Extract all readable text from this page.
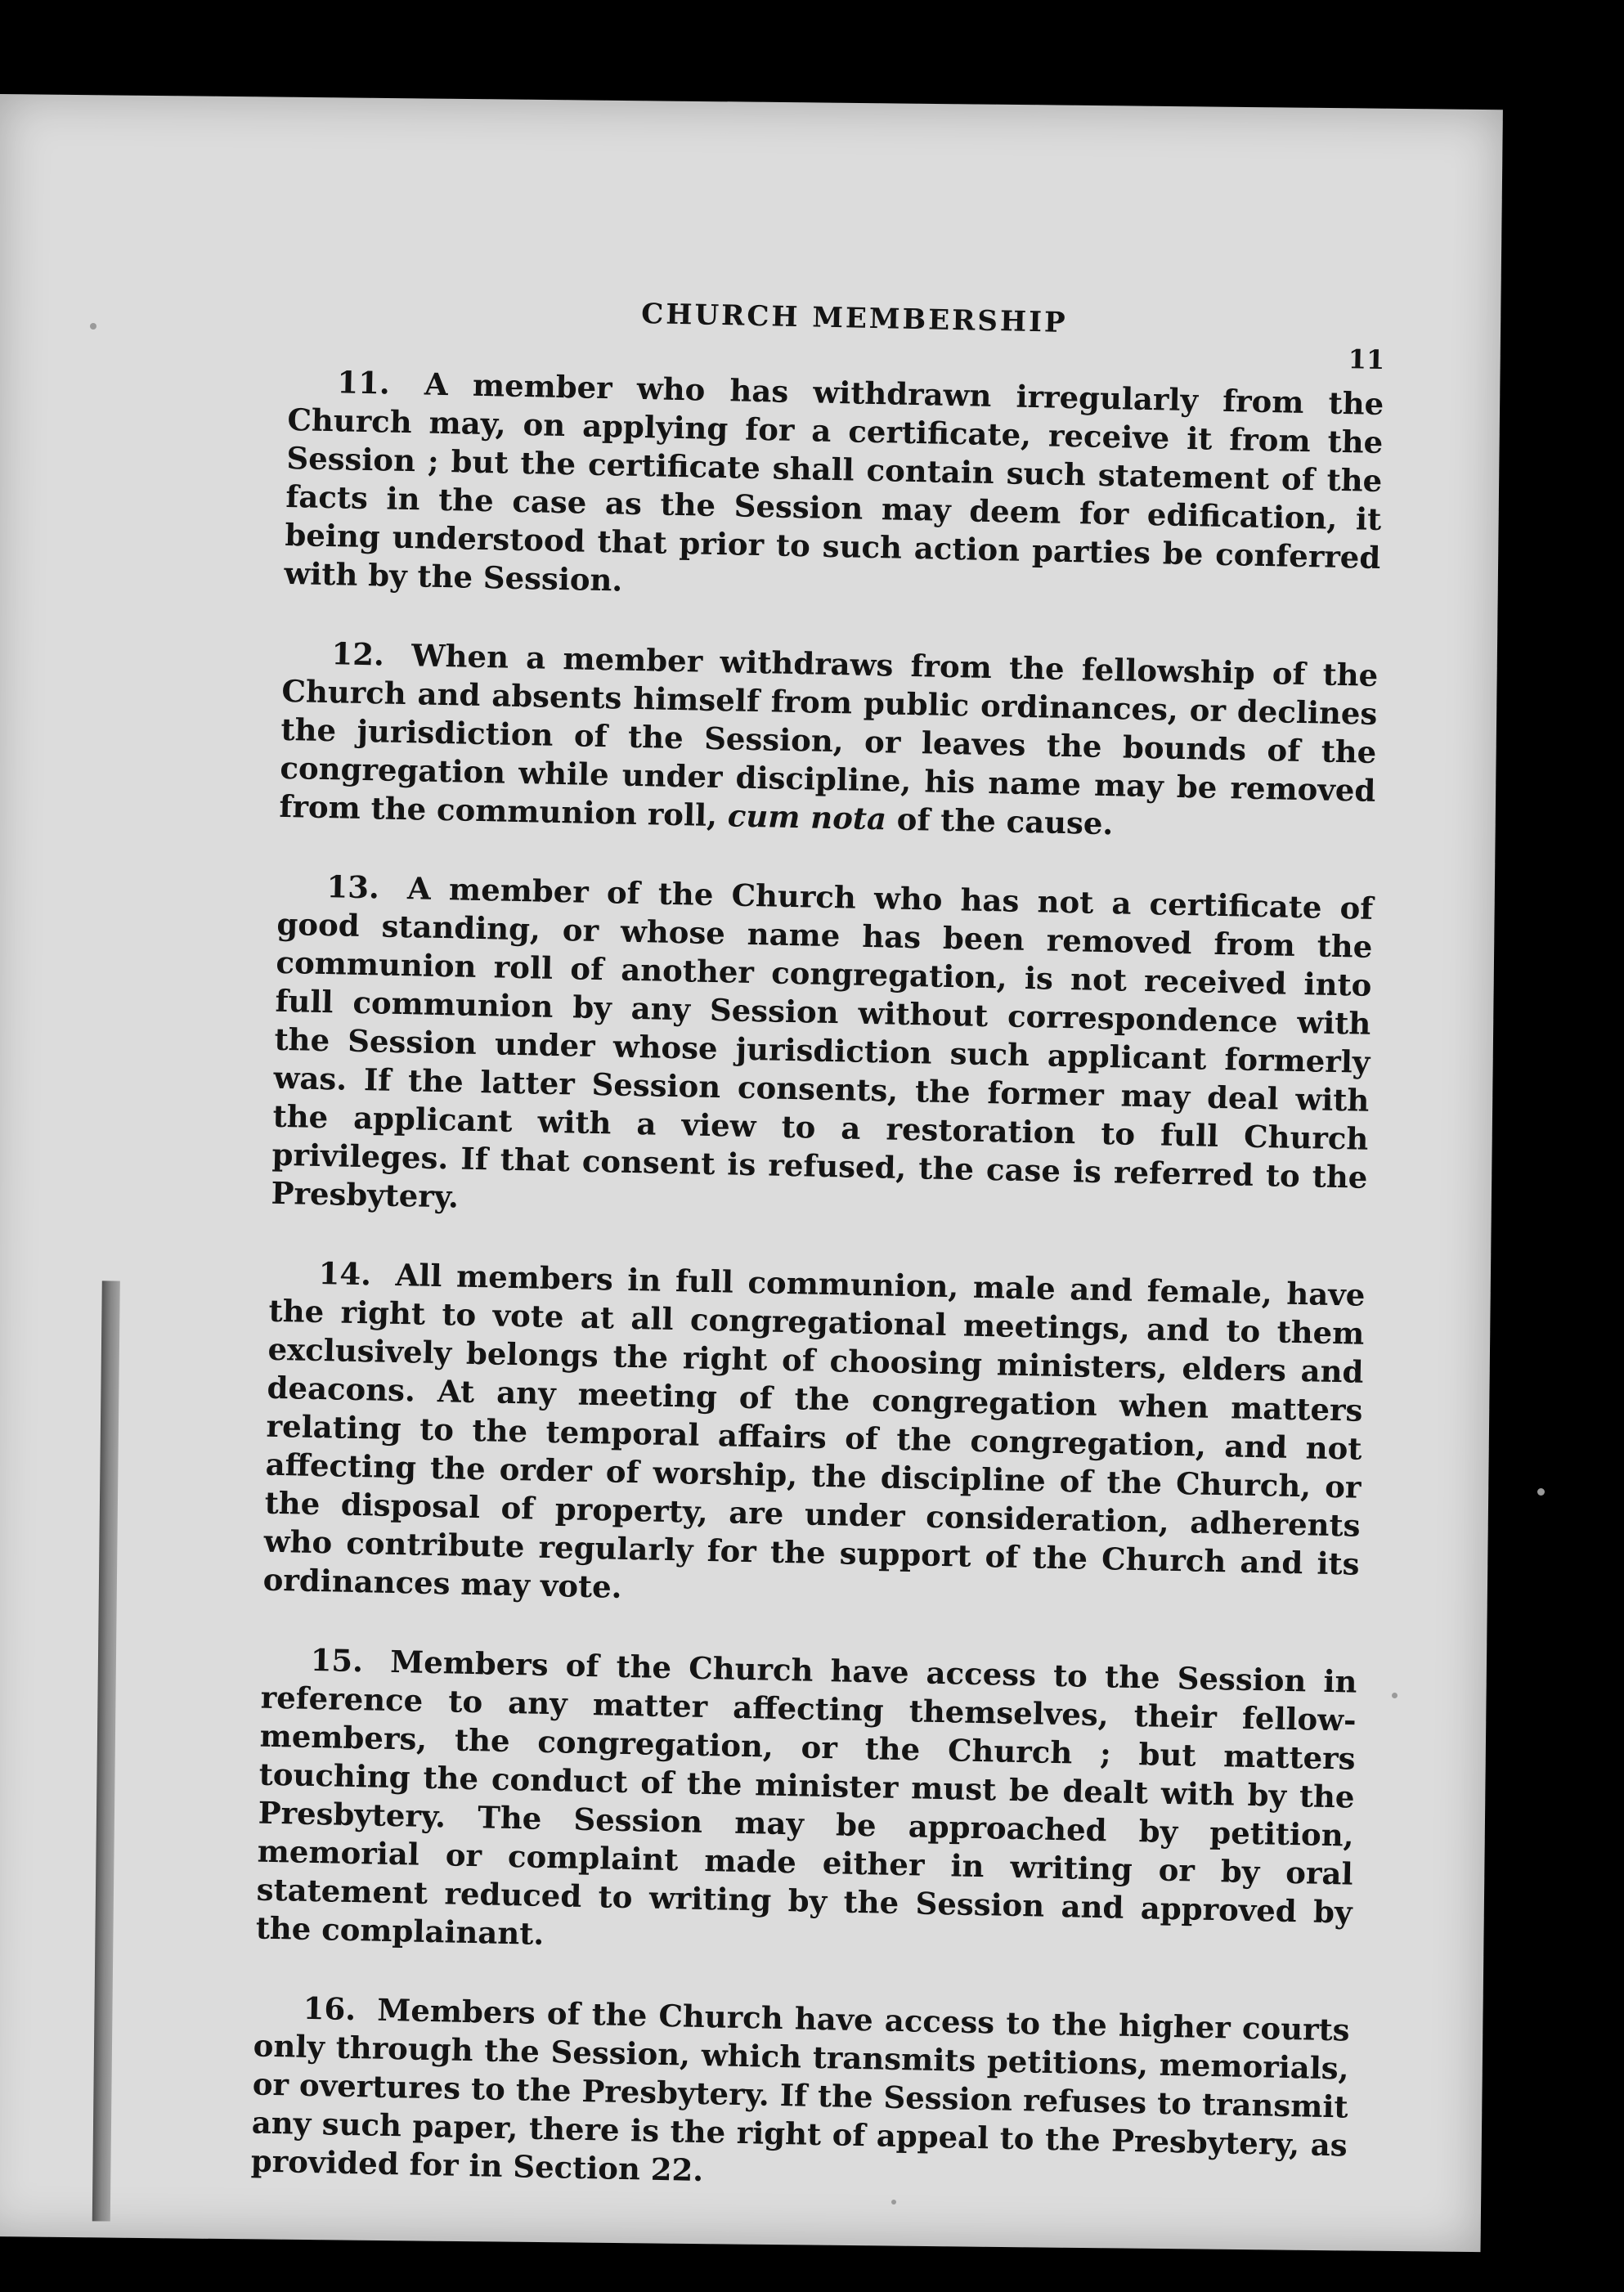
CHURCH MEMBERSHIP
11

11. A member who has withdrawn irregularly from the Church may, on applying for a certificate, receive it from the Session ; but the certificate shall contain such statement of the facts in the case as the Session may deem for edification, it being understood that prior to such action parties be conferred with by the Session.

12. When a member withdraws from the fellowship of the Church and absents himself from public ordinances, or declines the jurisdiction of the Session, or leaves the bounds of the congregation while under discipline, his name may be removed from the communion roll, cum nota of the cause.

13. A member of the Church who has not a certificate of good standing, or whose name has been removed from the communion roll of another congregation, is not received into full communion by any Session without correspondence with the Session under whose jurisdiction such applicant formerly was. If the latter Session consents, the former may deal with the applicant with a view to a restoration to full Church privileges. If that consent is refused, the case is referred to the Presbytery.

14. All members in full communion, male and female, have the right to vote at all congregational meetings, and to them exclusively belongs the right of choosing ministers, elders and deacons. At any meeting of the congregation when matters relating to the temporal affairs of the congregation, and not affecting the order of worship, the discipline of the Church, or the disposal of property, are under consideration, adherents who contribute regularly for the support of the Church and its ordinances may vote.

15. Members of the Church have access to the Session in reference to any matter affecting themselves, their fellow-members, the congregation, or the Church ; but matters touching the conduct of the minister must be dealt with by the Presbytery. The Session may be approached by petition, memorial or complaint made either in writing or by oral statement reduced to writing by the Session and approved by the complainant.

16. Members of the Church have access to the higher courts only through the Session, which transmits petitions, memorials, or overtures to the Presbytery. If the Session refuses to transmit any such paper, there is the right of appeal to the Presbytery, as provided for in Section 22.
